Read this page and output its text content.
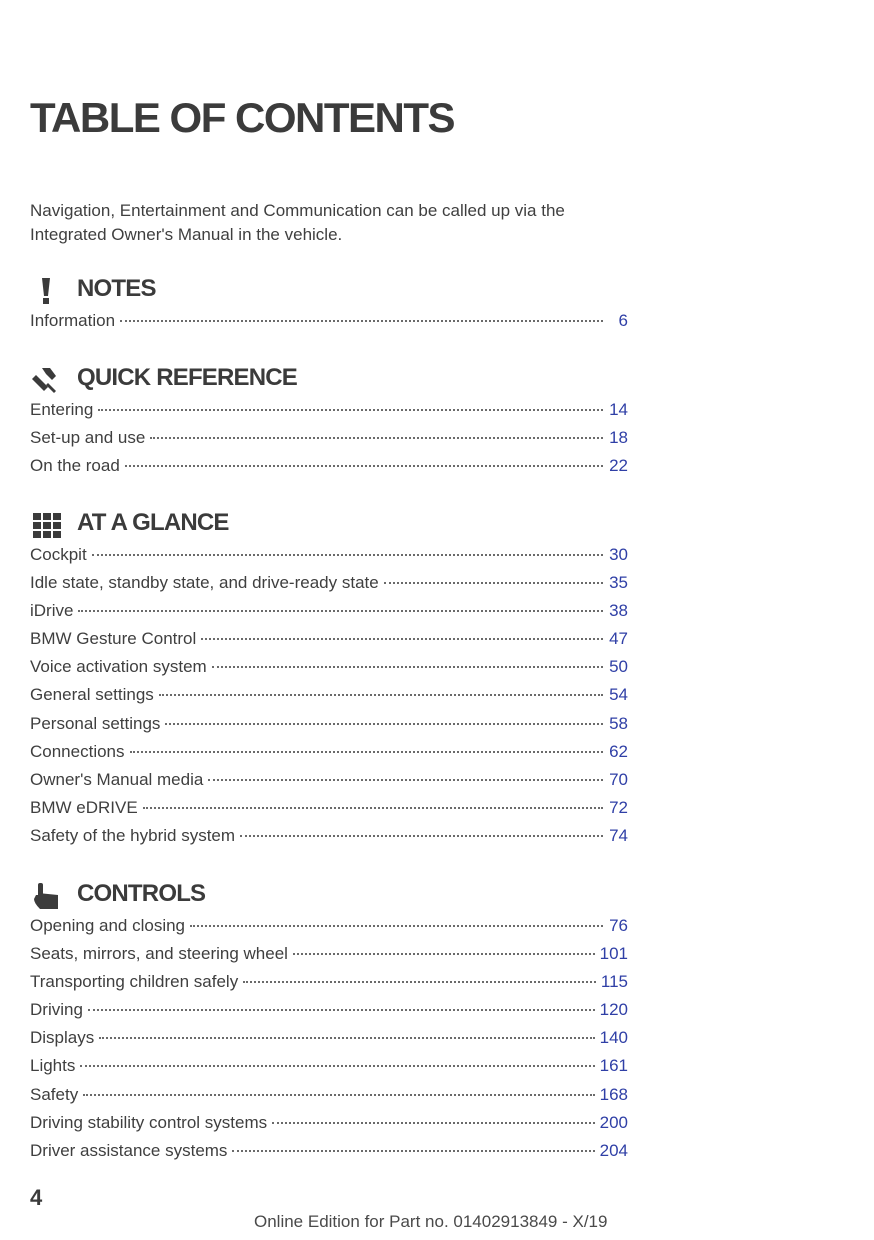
TABLE OF CONTENTS
Navigation, Entertainment and Communication can be called up via the Integrated Owner's Manual in the vehicle.
NOTES
Information	6
QUICK REFERENCE
Entering	14
Set-up and use	18
On the road	22
AT A GLANCE
Cockpit	30
Idle state, standby state, and drive-ready state	35
iDrive	38
BMW Gesture Control	47
Voice activation system	50
General settings	54
Personal settings	58
Connections	62
Owner's Manual media	70
BMW eDRIVE	72
Safety of the hybrid system	74
CONTROLS
Opening and closing	76
Seats, mirrors, and steering wheel	101
Transporting children safely	115
Driving	120
Displays	140
Lights	161
Safety	168
Driving stability control systems	200
Driver assistance systems	204
4
Online Edition for Part no. 01402913849 - X/19
